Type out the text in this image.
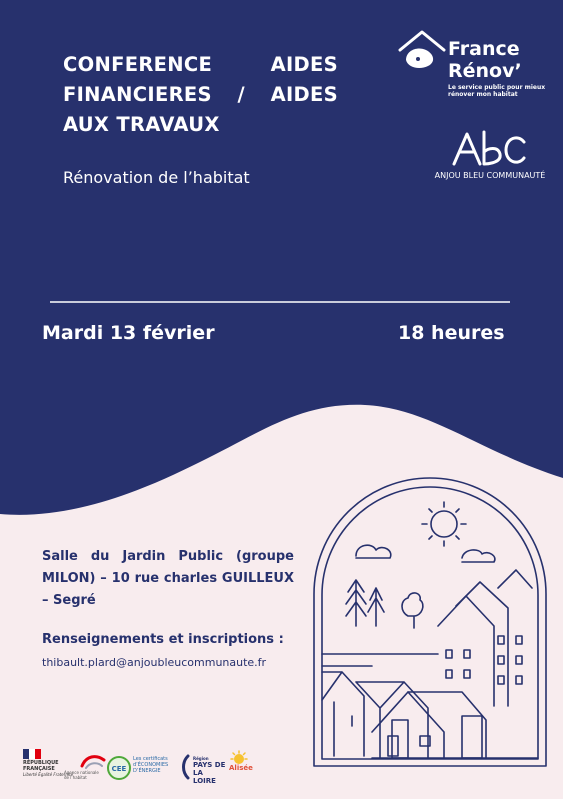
CONFERENCE AIDES FINANCIERES / AIDES AUX TRAVAUX
Rénovation de l’habitat
France Rénov’
Le service public pour mieux rénover mon habitat
ANJOU BLEU COMMUNAUTÉ
Mardi 13 février	18 heures
Salle du Jardin Public (groupe MILON) – 10 rue charles GUILLEUX – Segré
Renseignements et inscriptions :
thibault.plard@anjoubleucommunaute.fr
RÉPUBLIQUE FRANÇAISE
Liberté Égalité Fraternité
Agence nationale de l’habitat
CEE
Les certificats d’ÉCONOMIES D’ÉNERGIE
Région
PAYS DE LA LOIRE
Alisée
